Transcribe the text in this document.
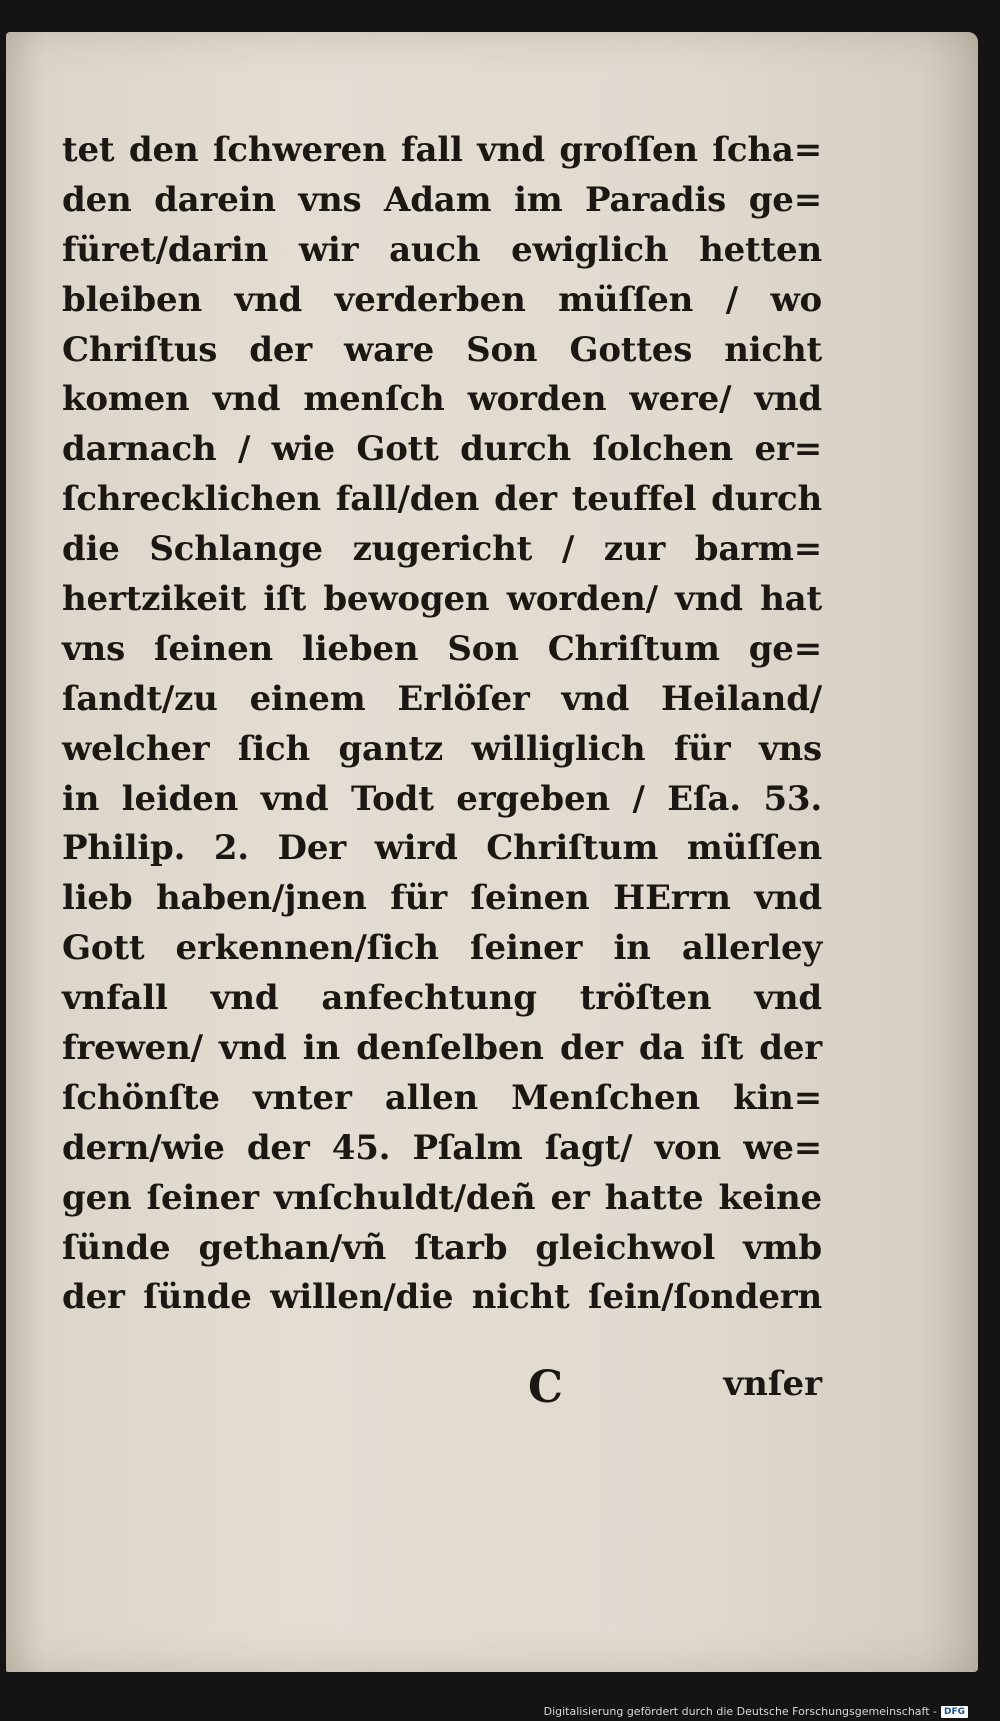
tet den ſchweren fall vnd groſſen ſcha=
den darein vns Adam im Paradis ge=
füret/darin wir auch ewiglich hetten
bleiben vnd verderben müſſen / wo
Chriſtus der ware Son Gottes nicht
komen vnd menſch worden were/ vnd
darnach / wie Gott durch ſolchen er=
ſchrecklichen fall/den der teuffel durch
die Schlange zugericht / zur barm=
hertzikeit iſt bewogen worden/ vnd hat
vns ſeinen lieben Son Chriſtum ge=
ſandt/zu einem Erlöſer vnd Heiland/
welcher ſich gantz williglich für vns
in leiden vnd Todt ergeben / Eſa. 53.
Philip. 2. Der wird Chriſtum müſſen
lieb haben/jnen für ſeinen HErrn vnd
Gott erkennen/ſich ſeiner in allerley
vnfall vnd anfechtung tröſten vnd
frewen/ vnd in denſelben der da iſt der
ſchönſte vnter allen Menſchen kin=
dern/wie der 45. Pſalm ſagt/ von we=
gen ſeiner vnſchuldt/deñ er hatte keine
ſünde gethan/vñ ſtarb gleichwol vmb
der ſünde willen/die nicht ſein/ſondern
C	vnſer
Digitalisierung gefördert durch die Deutsche Forschungsgemeinschaft - DFG
